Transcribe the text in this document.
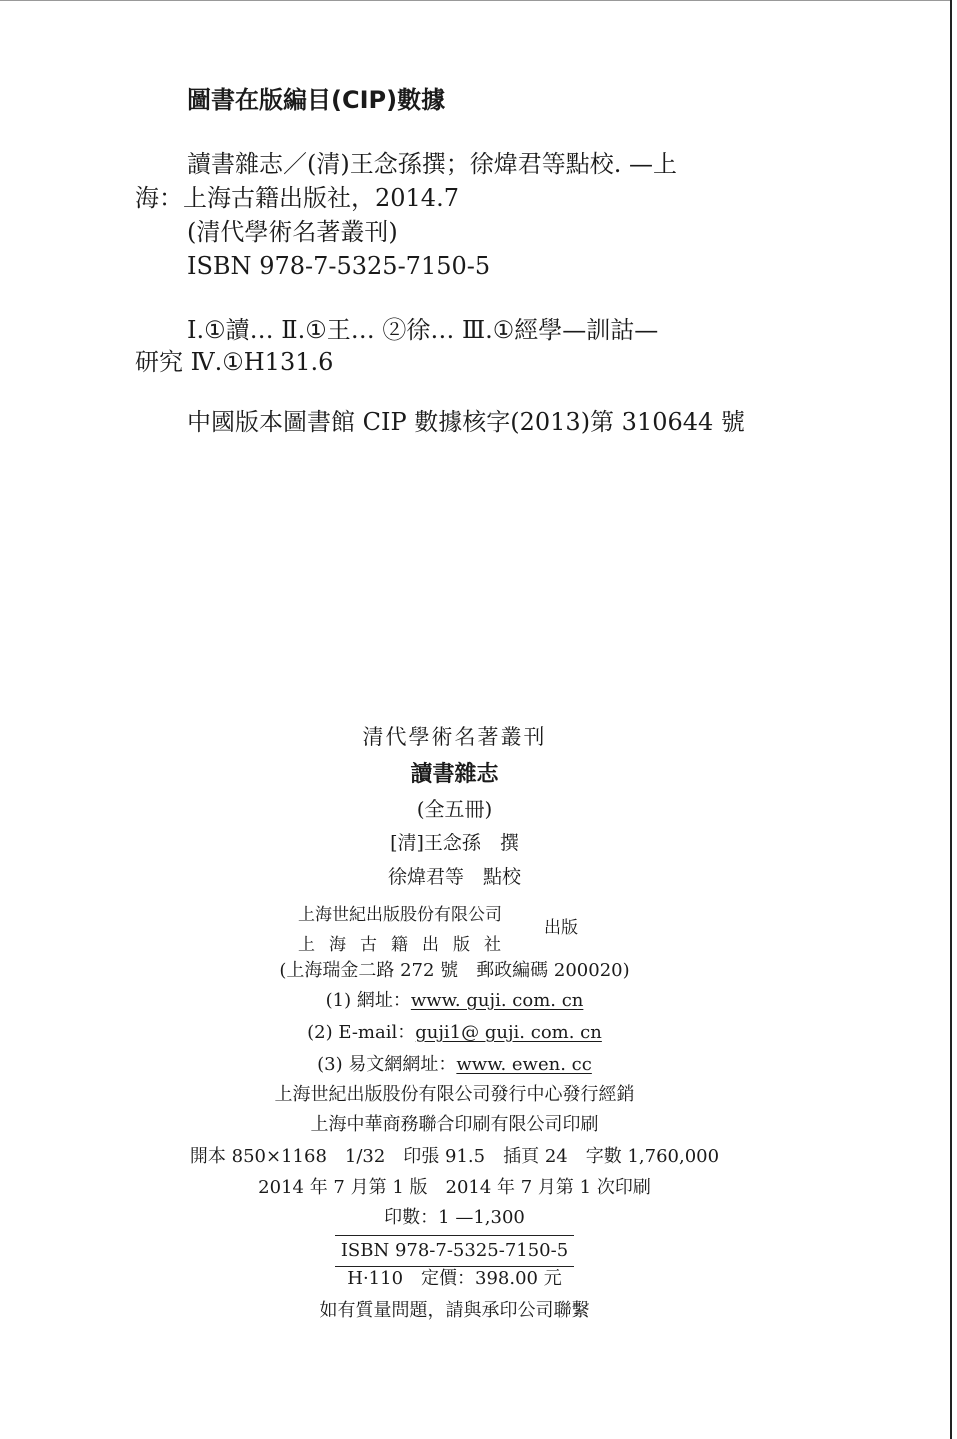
圖書在版編目(CIP)數據
讀書雜志／(清)王念孫撰；徐煒君等點校. —上
海：上海古籍出版社，2014.7
(清代學術名著叢刊)
ISBN 978-7-5325-7150-5
Ⅰ.①讀… Ⅱ.①王… ②徐… Ⅲ.①經學—訓詁—
研究 Ⅳ.①H131.6
中國版本圖書館 CIP 數據核字(2013)第 310644 號
清代學術名著叢刊
讀書雜志
(全五冊)
[清]王念孫　撰
徐煒君等　點校
上海世紀出版股份有限公司
上海古籍出版社
出版
(上海瑞金二路 272 號　郵政編碼 200020)
(1) 網址：www. guji. com. cn
(2) E-mail：guji1@ guji. com. cn
(3) 易文網網址：www. ewen. cc
上海世紀出版股份有限公司發行中心發行經銷
上海中華商務聯合印刷有限公司印刷
開本 850×1168　1/32　印張 91.5　插頁 24　字數 1,760,000
2014 年 7 月第 1 版　2014 年 7 月第 1 次印刷
印數：1 —1,300
ISBN 978-7-5325-7150-5
H·110　定價：398.00 元
如有質量問題，請與承印公司聯繫
